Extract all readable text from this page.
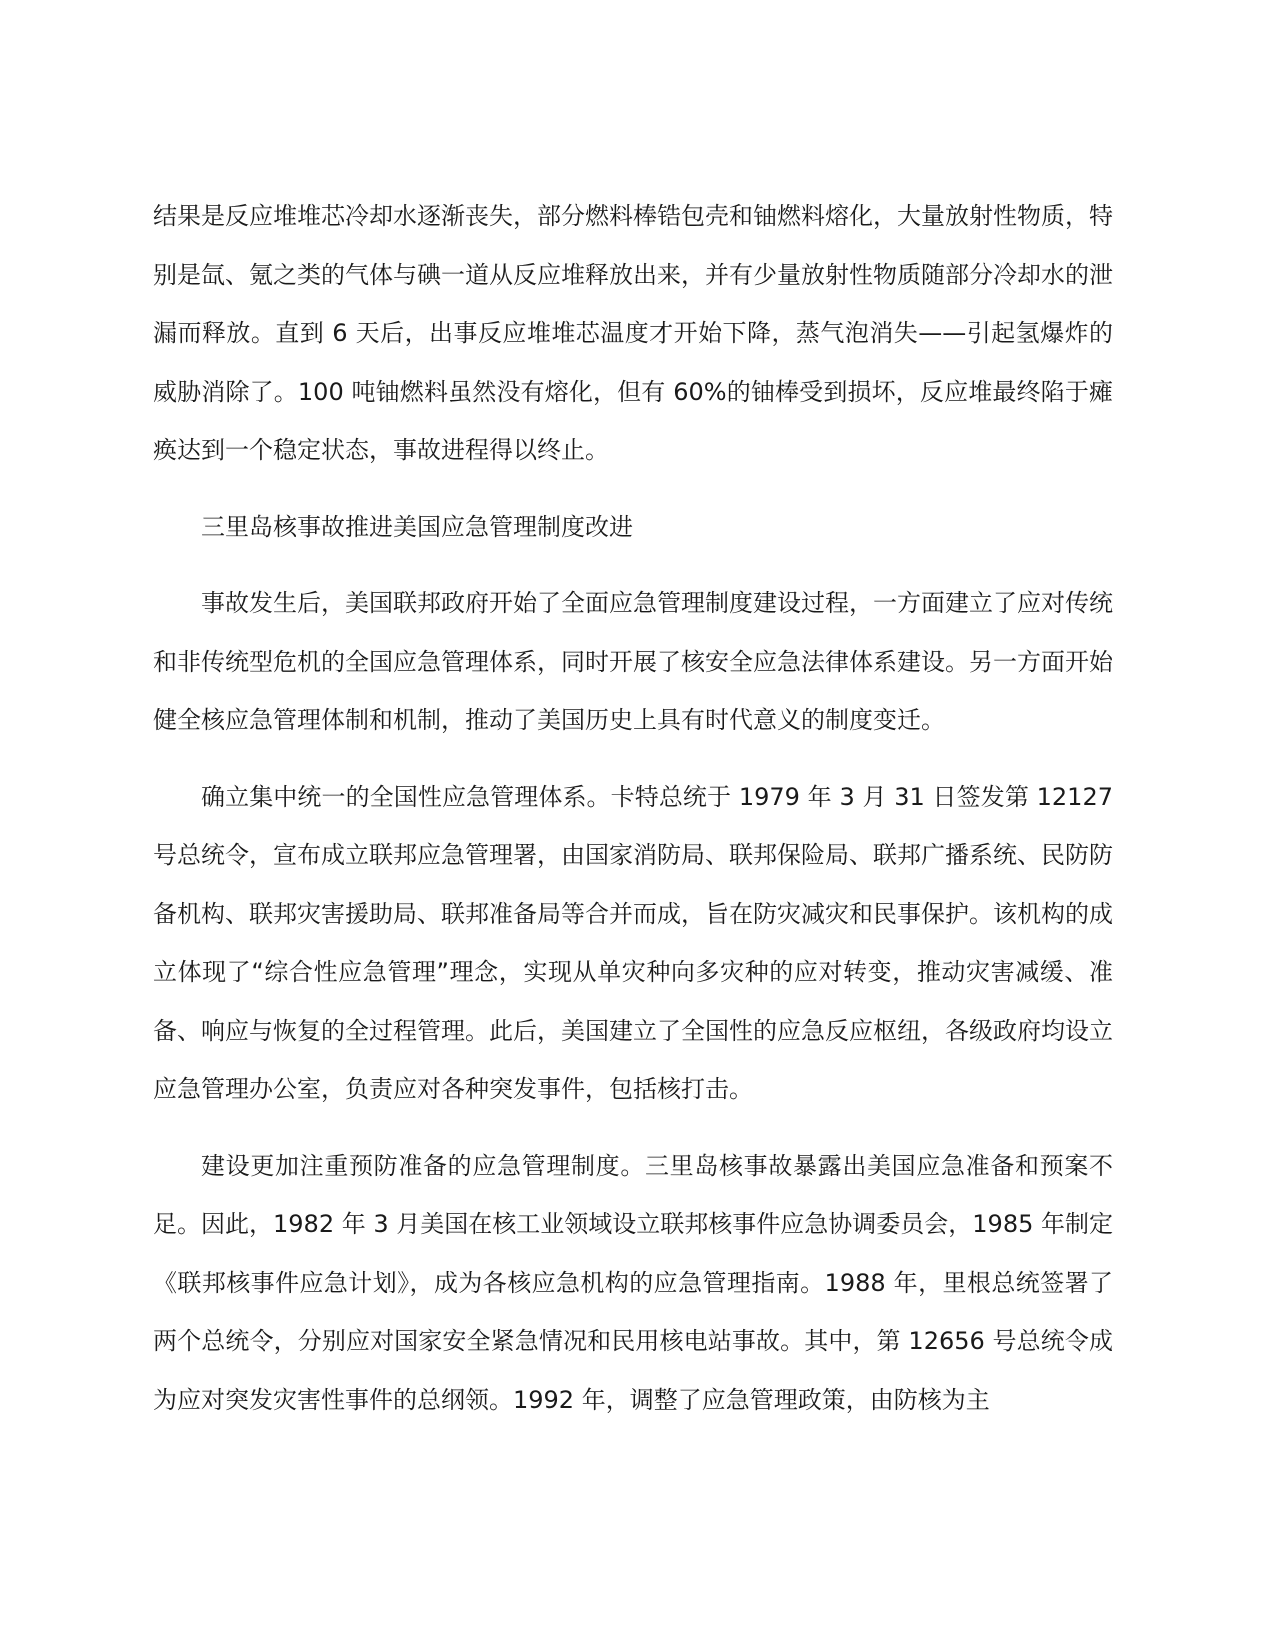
结果是反应堆堆芯冷却水逐渐丧失，部分燃料棒锆包壳和铀燃料熔化，大量放射性物质，特别是氙、氪之类的气体与碘一道从反应堆释放出来，并有少量放射性物质随部分冷却水的泄漏而释放。直到 6 天后，出事反应堆堆芯温度才开始下降，蒸气泡消失——引起氢爆炸的威胁消除了。100 吨铀燃料虽然没有熔化，但有 60%的铀棒受到损坏，反应堆最终陷于瘫痪达到一个稳定状态，事故进程得以终止。

三里岛核事故推进美国应急管理制度改进

事故发生后，美国联邦政府开始了全面应急管理制度建设过程，一方面建立了应对传统和非传统型危机的全国应急管理体系，同时开展了核安全应急法律体系建设。另一方面开始健全核应急管理体制和机制，推动了美国历史上具有时代意义的制度变迁。

确立集中统一的全国性应急管理体系。卡特总统于 1979 年 3 月 31 日签发第 12127 号总统令，宣布成立联邦应急管理署，由国家消防局、联邦保险局、联邦广播系统、民防防备机构、联邦灾害援助局、联邦准备局等合并而成，旨在防灾减灾和民事保护。该机构的成立体现了“综合性应急管理”理念，实现从单灾种向多灾种的应对转变，推动灾害减缓、准备、响应与恢复的全过程管理。此后，美国建立了全国性的应急反应枢纽，各级政府均设立应急管理办公室，负责应对各种突发事件，包括核打击。

建设更加注重预防准备的应急管理制度。三里岛核事故暴露出美国应急准备和预案不足。因此，1982 年 3 月美国在核工业领域设立联邦核事件应急协调委员会，1985 年制定《联邦核事件应急计划》，成为各核应急机构的应急管理指南。1988 年，里根总统签署了两个总统令，分别应对国家安全紧急情况和民用核电站事故。其中，第 12656 号总统令成为应对突发灾害性事件的总纲领。1992 年，调整了应急管理政策，由防核为主
